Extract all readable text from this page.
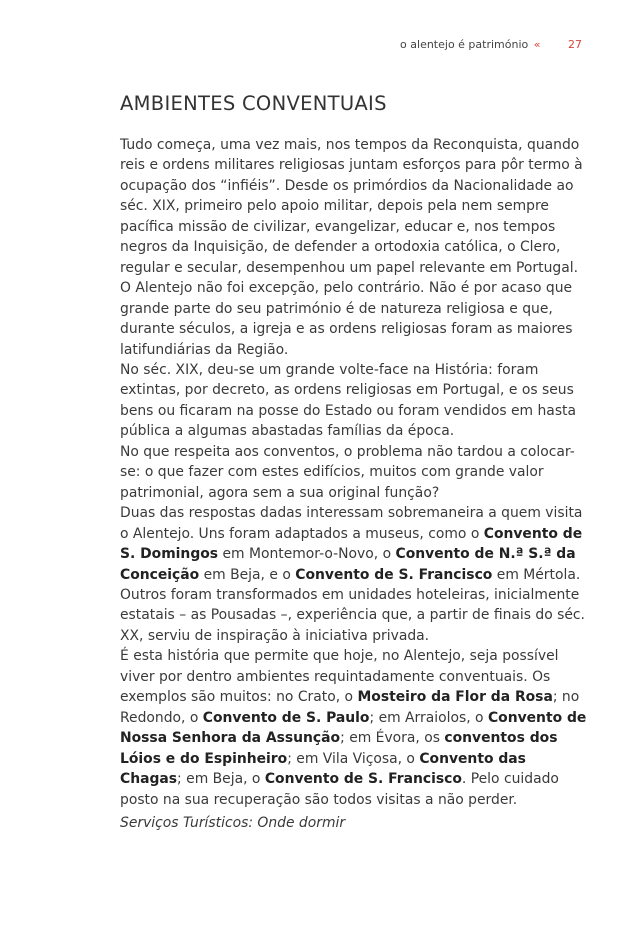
o alentejo é património «	27
AMBIENTES CONVENTUAIS

Tudo começa, uma vez mais, nos tempos da Reconquista, quando reis e ordens militares religiosas juntam esforços para pôr termo à ocupação dos “infiéis”. Desde os primórdios da Nacionalidade ao séc. XIX, primeiro pelo apoio militar, depois pela nem sempre pacífica missão de civilizar, evangelizar, educar e, nos tempos negros da Inquisição, de defender a ortodoxia católica, o Clero, regular e secular, desempenhou um papel relevante em Portugal.

O Alentejo não foi excepção, pelo contrário. Não é por acaso que grande parte do seu património é de natureza religiosa e que, durante séculos, a igreja e as ordens religiosas foram as maiores latifundiárias da Região.

No séc. XIX, deu-se um grande volte-face na História: foram extintas, por decreto, as ordens religiosas em Portugal, e os seus bens ou ficaram na posse do Estado ou foram vendidos em hasta pública a algumas abastadas famílias da época.

No que respeita aos conventos, o problema não tardou a colocar-se: o que fazer com estes edifícios, muitos com grande valor patrimonial, agora sem a sua original função?

Duas das respostas dadas interessam sobremaneira a quem visita o Alentejo. Uns foram adaptados a museus, como o Convento de S. Domingos em Montemor-o-Novo, o Convento de N.ª S.ª da Conceição em Beja, e o Convento de S. Francisco em Mértola. Outros foram transformados em unidades hoteleiras, inicialmente estatais – as Pousadas –, experiência que, a partir de finais do séc. XX, serviu de inspiração à iniciativa privada.

É esta história que permite que hoje, no Alentejo, seja possível viver por dentro ambientes requintadamente conventuais. Os exemplos são muitos: no Crato, o Mosteiro da Flor da Rosa; no Redondo, o Convento de S. Paulo; em Arraiolos, o Convento de Nossa Senhora da Assunção; em Évora, os conventos dos Lóios e do Espinheiro; em Vila Viçosa, o Convento das Chagas; em Beja, o Convento de S. Francisco. Pelo cuidado posto na sua recuperação são todos visitas a não perder.

Serviços Turísticos: Onde dormir
